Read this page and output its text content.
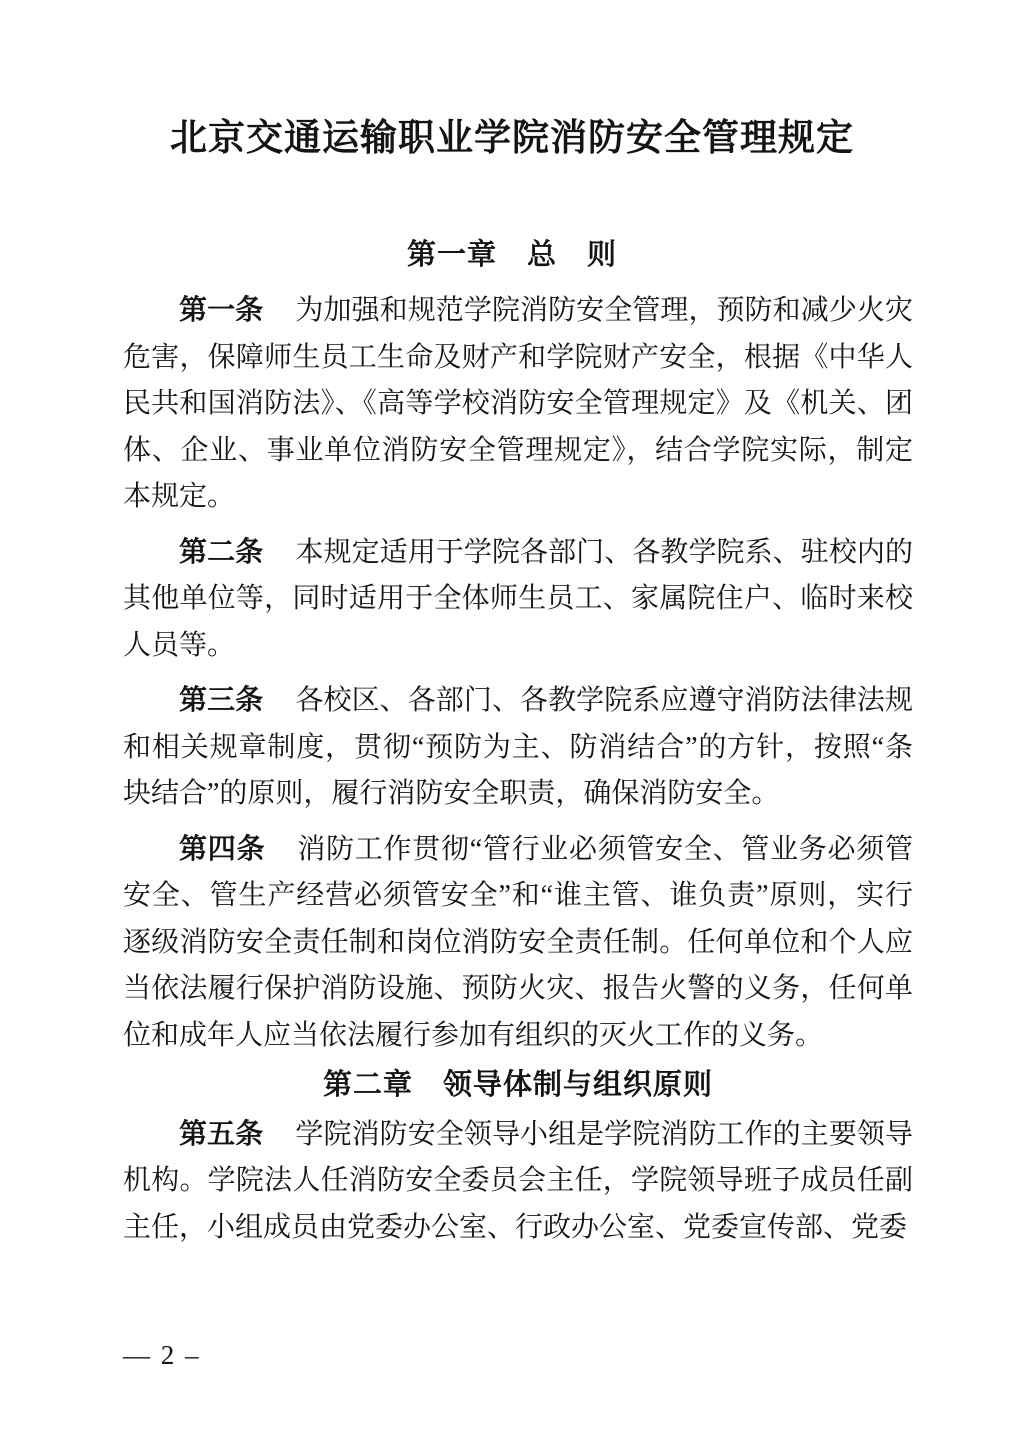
北京交通运输职业学院消防安全管理规定
第一章　总　则

第一条 为加强和规范学院消防安全管理，预防和减少火灾危害，保障师生员工生命及财产和学院财产安全，根据《中华人民共和国消防法》、《高等学校消防安全管理规定》及《机关、团体、企业、事业单位消防安全管理规定》，结合学院实际，制定本规定。

第二条 本规定适用于学院各部门、各教学院系、驻校内的其他单位等，同时适用于全体师生员工、家属院住户、临时来校人员等。

第三条 各校区、各部门、各教学院系应遵守消防法律法规和相关规章制度，贯彻“预防为主、防消结合”的方针，按照“条块结合”的原则，履行消防安全职责，确保消防安全。

第四条 消防工作贯彻“管行业必须管安全、管业务必须管安全、管生产经营必须管安全”和“谁主管、谁负责”原则，实行逐级消防安全责任制和岗位消防安全责任制。任何单位和个人应当依法履行保护消防设施、预防火灾、报告火警的义务，任何单位和成年人应当依法履行参加有组织的灭火工作的义务。

第二章　领导体制与组织原则

第五条 学院消防安全领导小组是学院消防工作的主要领导机构。学院法人任消防安全委员会主任，学院领导班子成员任副主任，小组成员由党委办公室、行政办公室、党委宣传部、党委

— 2 –
